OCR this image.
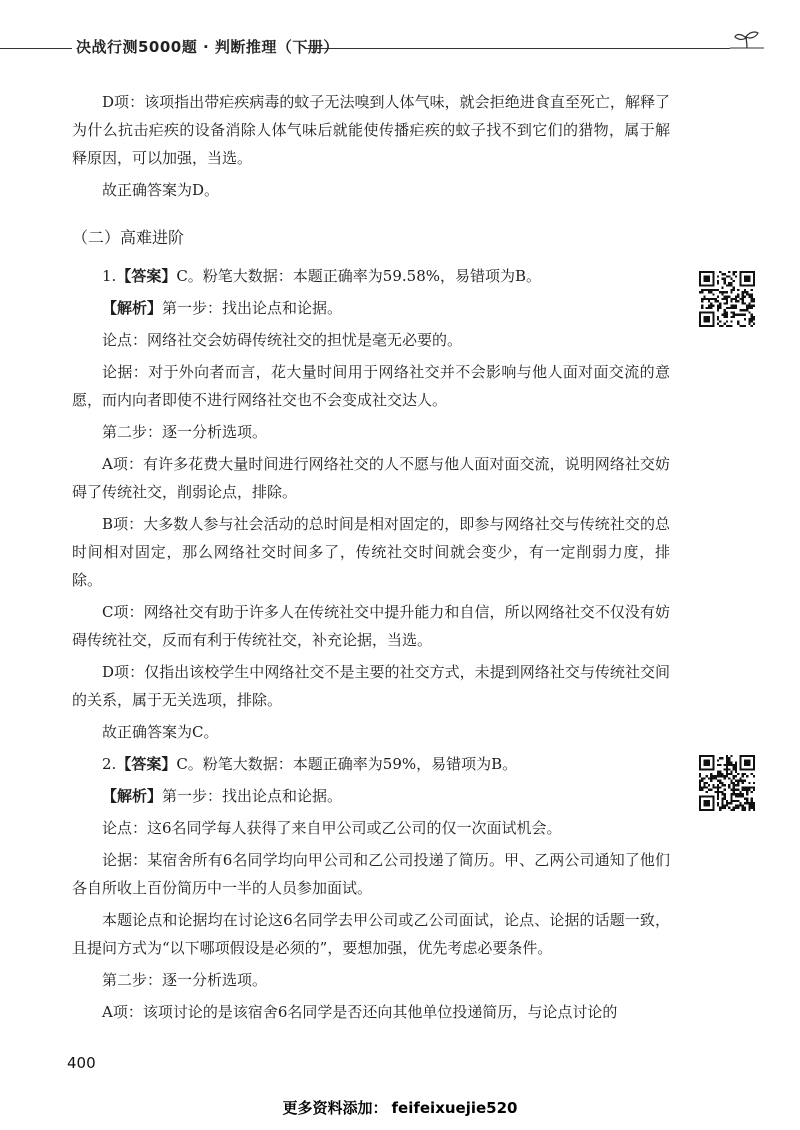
决战行测5000题 · 判断推理（下册）

D项：该项指出带疟疾病毒的蚊子无法嗅到人体气味，就会拒绝进食直至死亡，解释了为什么抗击疟疾的设备消除人体气味后就能使传播疟疾的蚊子找不到它们的猎物，属于解释原因，可以加强，当选。

故正确答案为D。

（二）高难进阶

1.【答案】C。粉笔大数据：本题正确率为59.58%，易错项为B。

【解析】第一步：找出论点和论据。

论点：网络社交会妨碍传统社交的担忧是毫无必要的。

论据：对于外向者而言，花大量时间用于网络社交并不会影响与他人面对面交流的意愿，而内向者即使不进行网络社交也不会变成社交达人。

第二步：逐一分析选项。

A项：有许多花费大量时间进行网络社交的人不愿与他人面对面交流，说明网络社交妨碍了传统社交，削弱论点，排除。

B项：大多数人参与社会活动的总时间是相对固定的，即参与网络社交与传统社交的总时间相对固定，那么网络社交时间多了，传统社交时间就会变少，有一定削弱力度，排除。

C项：网络社交有助于许多人在传统社交中提升能力和自信，所以网络社交不仅没有妨碍传统社交，反而有利于传统社交，补充论据，当选。

D项：仅指出该校学生中网络社交不是主要的社交方式，未提到网络社交与传统社交间的关系，属于无关选项，排除。

故正确答案为C。

2.【答案】C。粉笔大数据：本题正确率为59%，易错项为B。

【解析】第一步：找出论点和论据。

论点：这6名同学每人获得了来自甲公司或乙公司的仅一次面试机会。

论据：某宿舍所有6名同学均向甲公司和乙公司投递了简历。甲、乙两公司通知了他们各自所收上百份简历中一半的人员参加面试。

本题论点和论据均在讨论这6名同学去甲公司或乙公司面试，论点、论据的话题一致，且提问方式为“以下哪项假设是必须的”，要想加强，优先考虑必要条件。

第二步：逐一分析选项。

A项：该项讨论的是该宿舍6名同学是否还向其他单位投递简历，与论点讨论的

400
更多资料添加： feifeixuejie520
